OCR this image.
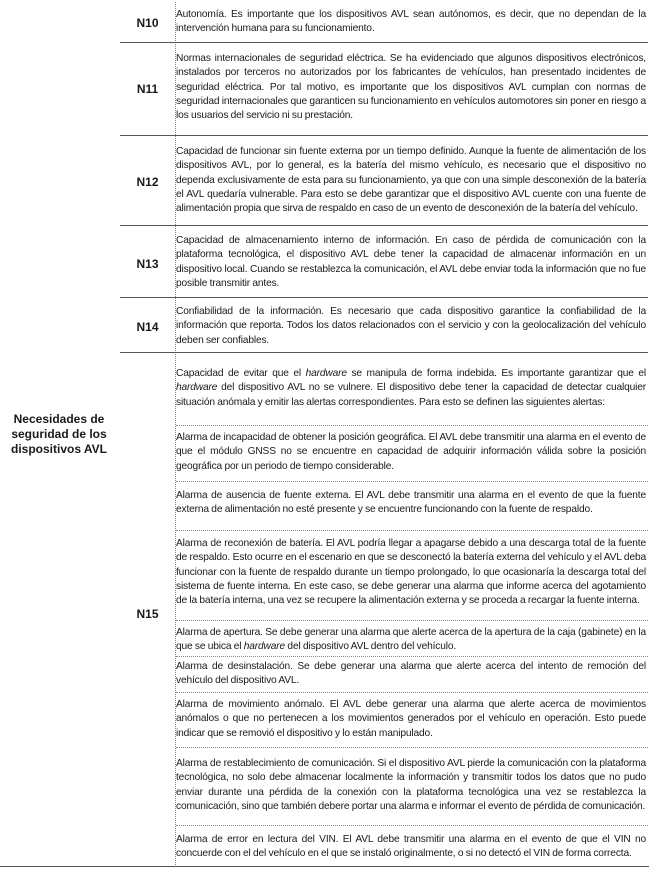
Necesidades de
seguridad de los
dispositivos AVL
N10
Autonomía. Es importante que los dispositivos AVL sean autónomos, es decir, que no dependan de la intervención humana para su funcionamiento.
N11
Normas internacionales de seguridad eléctrica. Se ha evidenciado que algunos dispositivos electrónicos, instalados por terceros no autorizados por los fabricantes de vehículos, han presentado incidentes de seguridad eléctrica. Por tal motivo, es importante que los dispositivos AVL cumplan con normas de seguridad internacionales que garanticen su funcionamiento en vehículos automotores sin poner en riesgo a los usuarios del servicio ni su prestación.
N12
Capacidad de funcionar sin fuente externa por un tiempo definido. Aunque la fuente de alimentación de los dispositivos AVL, por lo general, es la batería del mismo vehículo, es necesario que el dispositivo no dependa exclusivamente de esta para su funcionamiento, ya que con una simple desconexión de la batería el AVL quedaría vulnerable. Para esto se debe garantizar que el dispositivo AVL cuente con una fuente de alimentación propia que sirva de respaldo en caso de un evento de desconexión de la batería del vehículo.
N13
Capacidad de almacenamiento interno de información. En caso de pérdida de comunicación con la plataforma tecnológica, el dispositivo AVL debe tener la capacidad de almacenar información en un dispositivo local. Cuando se restablezca la comunicación, el AVL debe enviar toda la información que no fue posible transmitir antes.
N14
Confiabilidad de la información. Es necesario que cada dispositivo garantice la confiabilidad de la información que reporta. Todos los datos relacionados con el servicio y con la geolocalización del vehículo deben ser confiables.
N15
Capacidad de evitar que el hardware se manipula de forma indebida. Es importante garantizar que el hardware del dispositivo AVL no se vulnere. El dispositivo debe tener la capacidad de detectar cualquier situación anómala y emitir las alertas correspondientes. Para esto se definen las siguientes alertas:
Alarma de incapacidad de obtener la posición geográfica. El AVL debe transmitir una alarma en el evento de que el módulo GNSS no se encuentre en capacidad de adquirir información válida sobre la posición geográfica por un periodo de tiempo considerable.
Alarma de ausencia de fuente externa. El AVL debe transmitir una alarma en el evento de que la fuente externa de alimentación no esté presente y se encuentre funcionando con la fuente de respaldo.
Alarma de reconexión de batería. El AVL podría llegar a apagarse debido a una descarga total de la fuente de respaldo. Esto ocurre en el escenario en que se desconectó la batería externa del vehículo y el AVL deba funcionar con la fuente de respaldo durante un tiempo prolongado, lo que ocasionaría la descarga total del sistema de fuente interna. En este caso, se debe generar una alarma que informe acerca del agotamiento de la batería interna, una vez se recupere la alimentación externa y se proceda a recargar la fuente interna.
Alarma de apertura. Se debe generar una alarma que alerte acerca de la apertura de la caja (gabinete) en la que se ubica el hardware del dispositivo AVL dentro del vehículo.
Alarma de desinstalación. Se debe generar una alarma que alerte acerca del intento de remoción del vehículo del dispositivo AVL.
Alarma de movimiento anómalo. El AVL debe generar una alarma que alerte acerca de movimientos anómalos o que no pertenecen a los movimientos generados por el vehículo en operación. Esto puede indicar que se removió el dispositivo y lo están manipulado.
Alarma de restablecimiento de comunicación. Si el dispositivo AVL pierde la comunicación con la plataforma tecnológica, no solo debe almacenar localmente la información y transmitir todos los datos que no pudo enviar durante una pérdida de la conexión con la plataforma tecnológica una vez se restablezca la comunicación, sino que también debere portar una alarma e informar el evento de pérdida de comunicación.
Alarma de error en lectura del VIN. El AVL debe transmitir una alarma en el evento de que el VIN no concuerde con el del vehículo en el que se instaló originalmente, o si no detectó el VIN de forma correcta.
